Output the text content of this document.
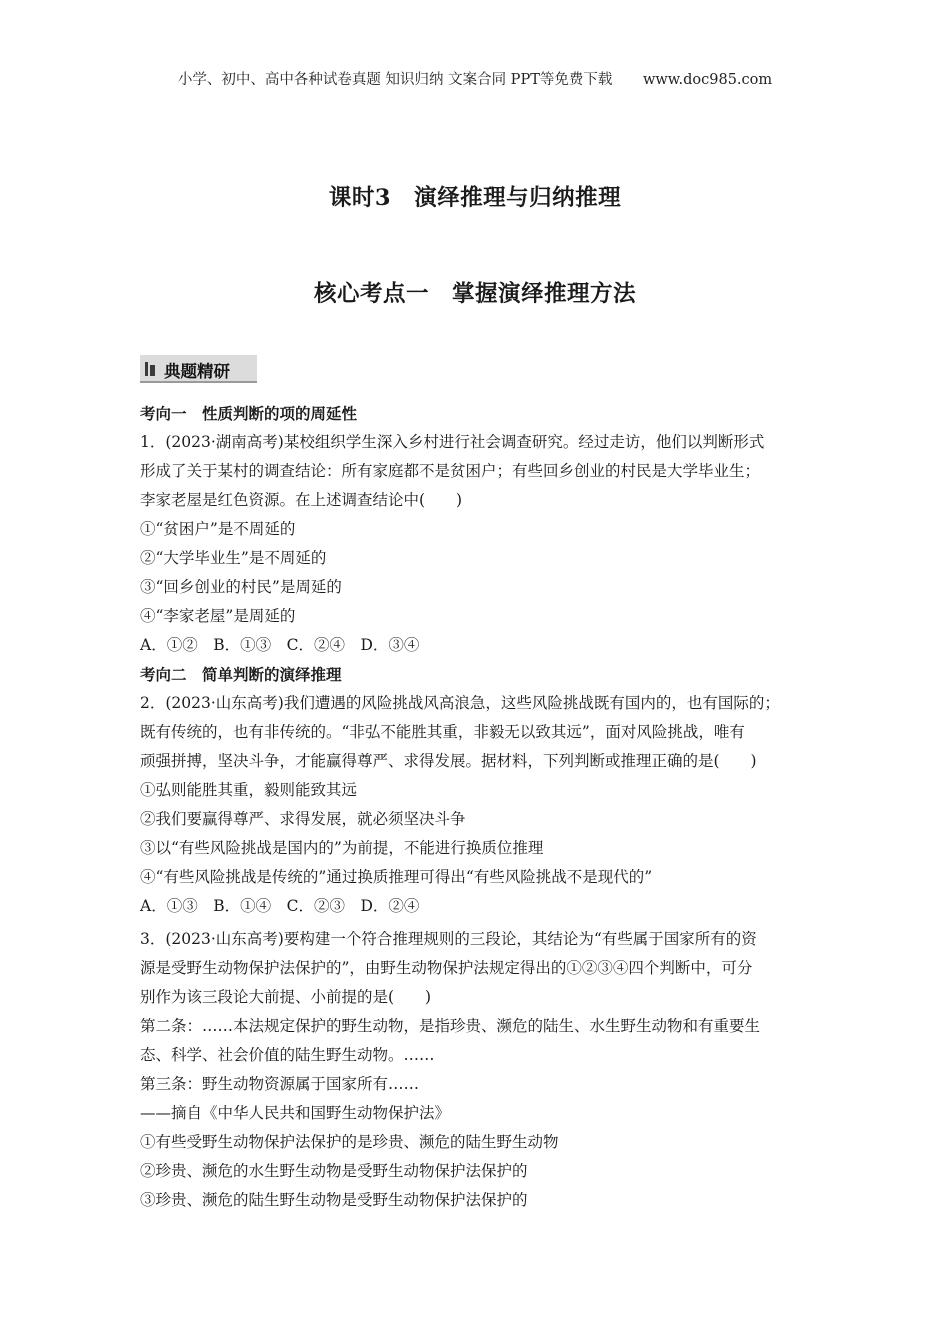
小学、初中、高中各种试卷真题 知识归纳 文案合同 PPT等免费下载 www.doc985.com
课时3　演绎推理与归纳推理
核心考点一　掌握演绎推理方法
典题精研
考向一　性质判断的项的周延性
1．(2023·湖南高考)某校组织学生深入乡村进行社会调查研究。经过走访，他们以判断形式
形成了关于某村的调查结论：所有家庭都不是贫困户；有些回乡创业的村民是大学毕业生；
李家老屋是红色资源。在上述调查结论中(　　)
①“贫困户”是不周延的
②“大学毕业生”是不周延的
③“回乡创业的村民”是周延的
④“李家老屋”是周延的
A．①②　B．①③　C．②④　D．③④
考向二　简单判断的演绎推理
2．(2023·山东高考)我们遭遇的风险挑战风高浪急，这些风险挑战既有国内的，也有国际的；
既有传统的，也有非传统的。“非弘不能胜其重，非毅无以致其远”，面对风险挑战，唯有
顽强拼搏，坚决斗争，才能赢得尊严、求得发展。据材料，下列判断或推理正确的是(　　)
①弘则能胜其重，毅则能致其远
②我们要赢得尊严、求得发展，就必须坚决斗争
③以“有些风险挑战是国内的”为前提，不能进行换质位推理
④“有些风险挑战是传统的”通过换质推理可得出“有些风险挑战不是现代的”
A．①③　B．①④　C．②③　D．②④
3．(2023·山东高考)要构建一个符合推理规则的三段论，其结论为“有些属于国家所有的资
源是受野生动物保护法保护的”，由野生动物保护法规定得出的①②③④四个判断中，可分
别作为该三段论大前提、小前提的是(　　)
第二条：……本法规定保护的野生动物，是指珍贵、濒危的陆生、水生野生动物和有重要生
态、科学、社会价值的陆生野生动物。……
第三条：野生动物资源属于国家所有……
——摘自《中华人民共和国野生动物保护法》
①有些受野生动物保护法保护的是珍贵、濒危的陆生野生动物
②珍贵、濒危的水生野生动物是受野生动物保护法保护的
③珍贵、濒危的陆生野生动物是受野生动物保护法保护的
